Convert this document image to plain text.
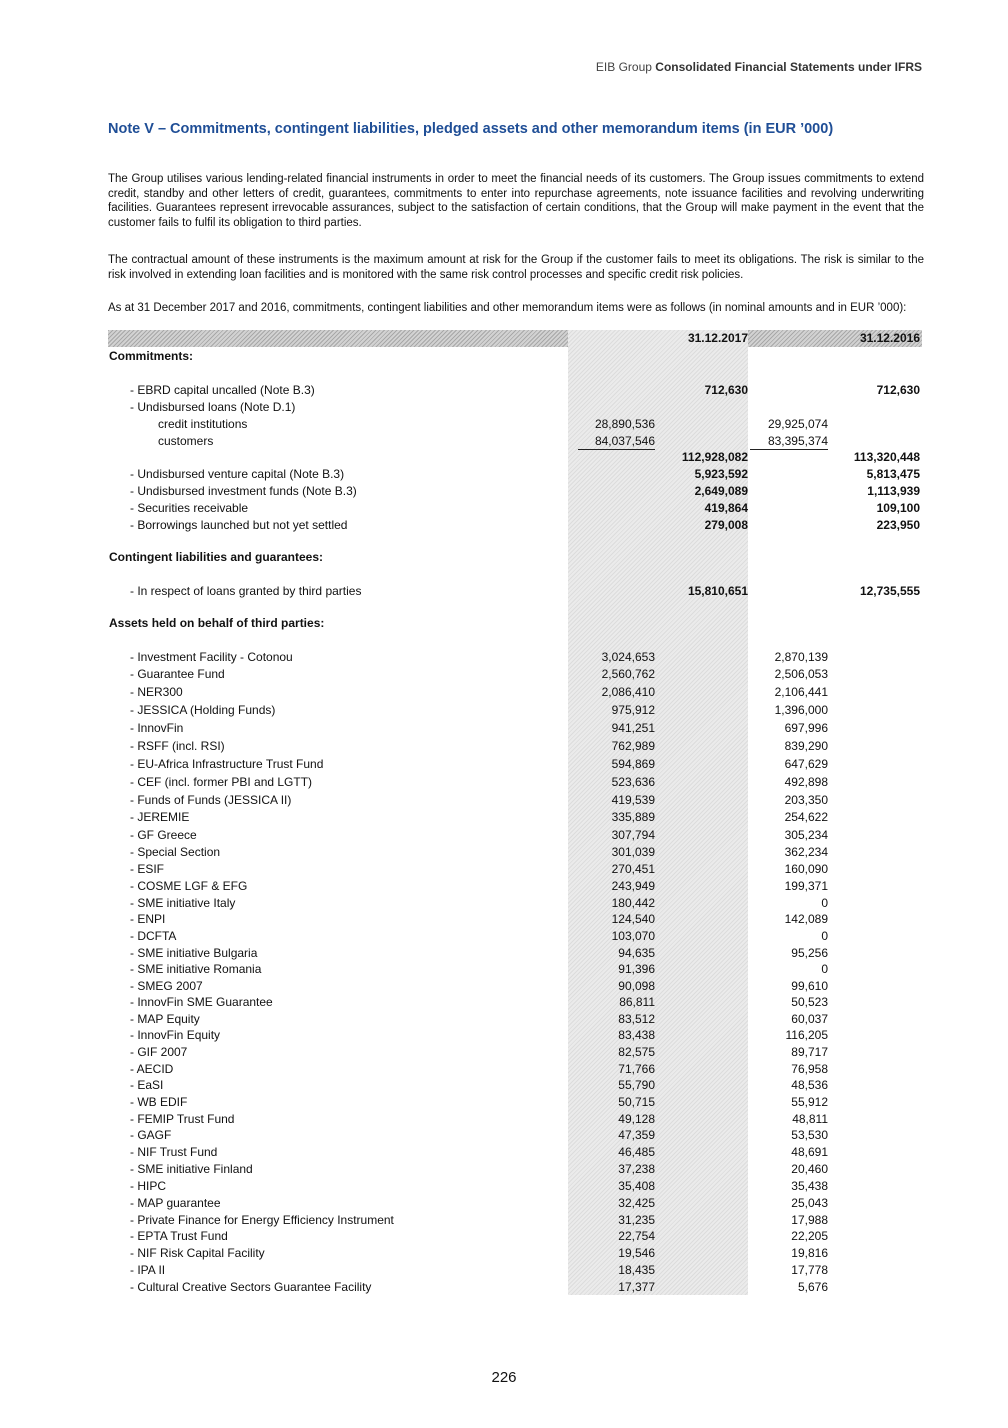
EIB Group Consolidated Financial Statements under IFRS
Note V – Commitments, contingent liabilities, pledged assets and other memorandum items (in EUR ’000)
The Group utilises various lending-related financial instruments in order to meet the financial needs of its customers. The Group issues commitments to extend credit, standby and other letters of credit, guarantees, commitments to enter into repurchase agreements, note issuance facilities and revolving underwriting facilities. Guarantees represent irrevocable assurances, subject to the satisfaction of certain conditions, that the Group will make payment in the event that the customer fails to fulfil its obligation to third parties.
The contractual amount of these instruments is the maximum amount at risk for the Group if the customer fails to meet its obligations. The risk is similar to the risk involved in extending loan facilities and is monitored with the same risk control processes and specific credit risk policies.
As at 31 December 2017 and 2016, commitments, contingent liabilities and other memorandum items were as follows (in nominal amounts and in EUR ’000):
31.12.2017	31.12.2016
Commitments:
- EBRD capital uncalled (Note B.3)	712,630	712,630
- Undisbursed loans (Note D.1)
credit institutions	28,890,536	29,925,074
customers	84,037,546	83,395,374
112,928,082	113,320,448
- Undisbursed venture capital (Note B.3)	5,923,592	5,813,475
- Undisbursed investment funds (Note B.3)	2,649,089	1,113,939
- Securities receivable	419,864	109,100
- Borrowings launched but not yet settled	279,008	223,950
Contingent liabilities and guarantees:
- In respect of loans granted by third parties	15,810,651	12,735,555
Assets held on behalf of third parties:
- Investment Facility - Cotonou	3,024,653	2,870,139
- Guarantee Fund	2,560,762	2,506,053
- NER300	2,086,410	2,106,441
- JESSICA (Holding Funds)	975,912	1,396,000
- InnovFin	941,251	697,996
- RSFF (incl. RSI)	762,989	839,290
- EU-Africa Infrastructure Trust Fund	594,869	647,629
- CEF (incl. former PBI and LGTT)	523,636	492,898
- Funds of Funds (JESSICA II)	419,539	203,350
- JEREMIE	335,889	254,622
- GF Greece	307,794	305,234
- Special Section	301,039	362,234
- ESIF	270,451	160,090
- COSME LGF & EFG	243,949	199,371
- SME initiative Italy	180,442	0
- ENPI	124,540	142,089
- DCFTA	103,070	0
- SME initiative Bulgaria	94,635	95,256
- SME initiative Romania	91,396	0
- SMEG 2007	90,098	99,610
- InnovFin SME Guarantee	86,811	50,523
- MAP Equity	83,512	60,037
- InnovFin Equity	83,438	116,205
- GIF 2007	82,575	89,717
- AECID	71,766	76,958
- EaSI	55,790	48,536
- WB EDIF	50,715	55,912
- FEMIP Trust Fund	49,128	48,811
- GAGF	47,359	53,530
- NIF Trust Fund	46,485	48,691
- SME initiative Finland	37,238	20,460
- HIPC	35,408	35,438
- MAP guarantee	32,425	25,043
- Private Finance for Energy Efficiency Instrument	31,235	17,988
- EPTA Trust Fund	22,754	22,205
- NIF Risk Capital Facility	19,546	19,816
- IPA II	18,435	17,778
- Cultural Creative Sectors Guarantee Facility	17,377	5,676
226
